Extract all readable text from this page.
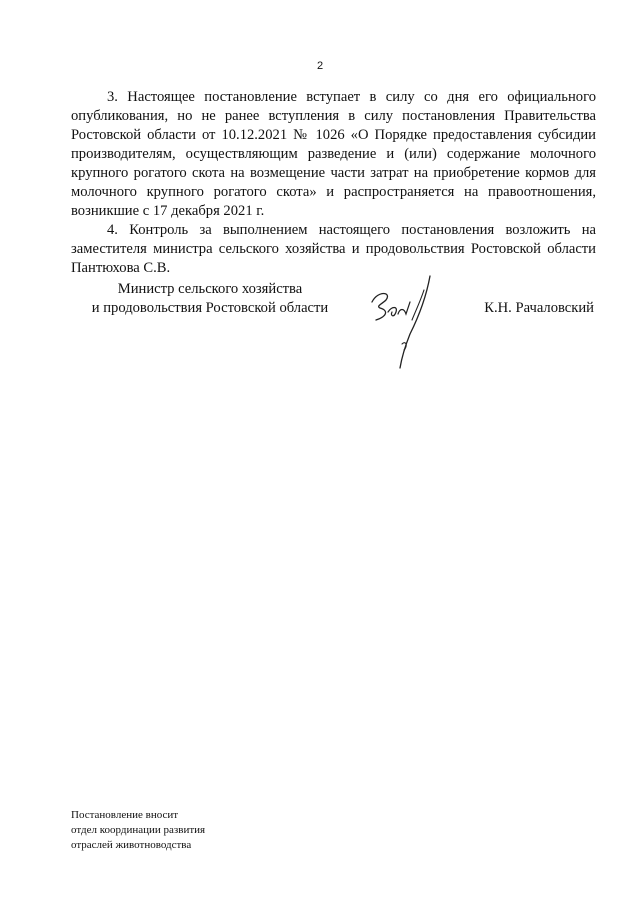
2

3. Настоящее постановление вступает в силу со дня его официального опубликования, но не ранее вступления в силу постановления Правительства Ростовской области от 10.12.2021 № 1026 «О Порядке предоставления субсидии производителям, осуществляющим разведение и (или) содержание молочного крупного рогатого скота на возмещение части затрат на приобретение кормов для молочного крупного рогатого скота» и распространяется на правоотношения, возникшие с 17 декабря 2021 г.

4. Контроль за выполнением настоящего постановления возложить на заместителя министра сельского хозяйства и продовольствия Ростовской области Пантюхова С.В.

Министр сельского хозяйства
и продовольствия Ростовской области	К.Н. Рачаловский
Постановление вносит
отдел координации развития
отраслей животноводства
